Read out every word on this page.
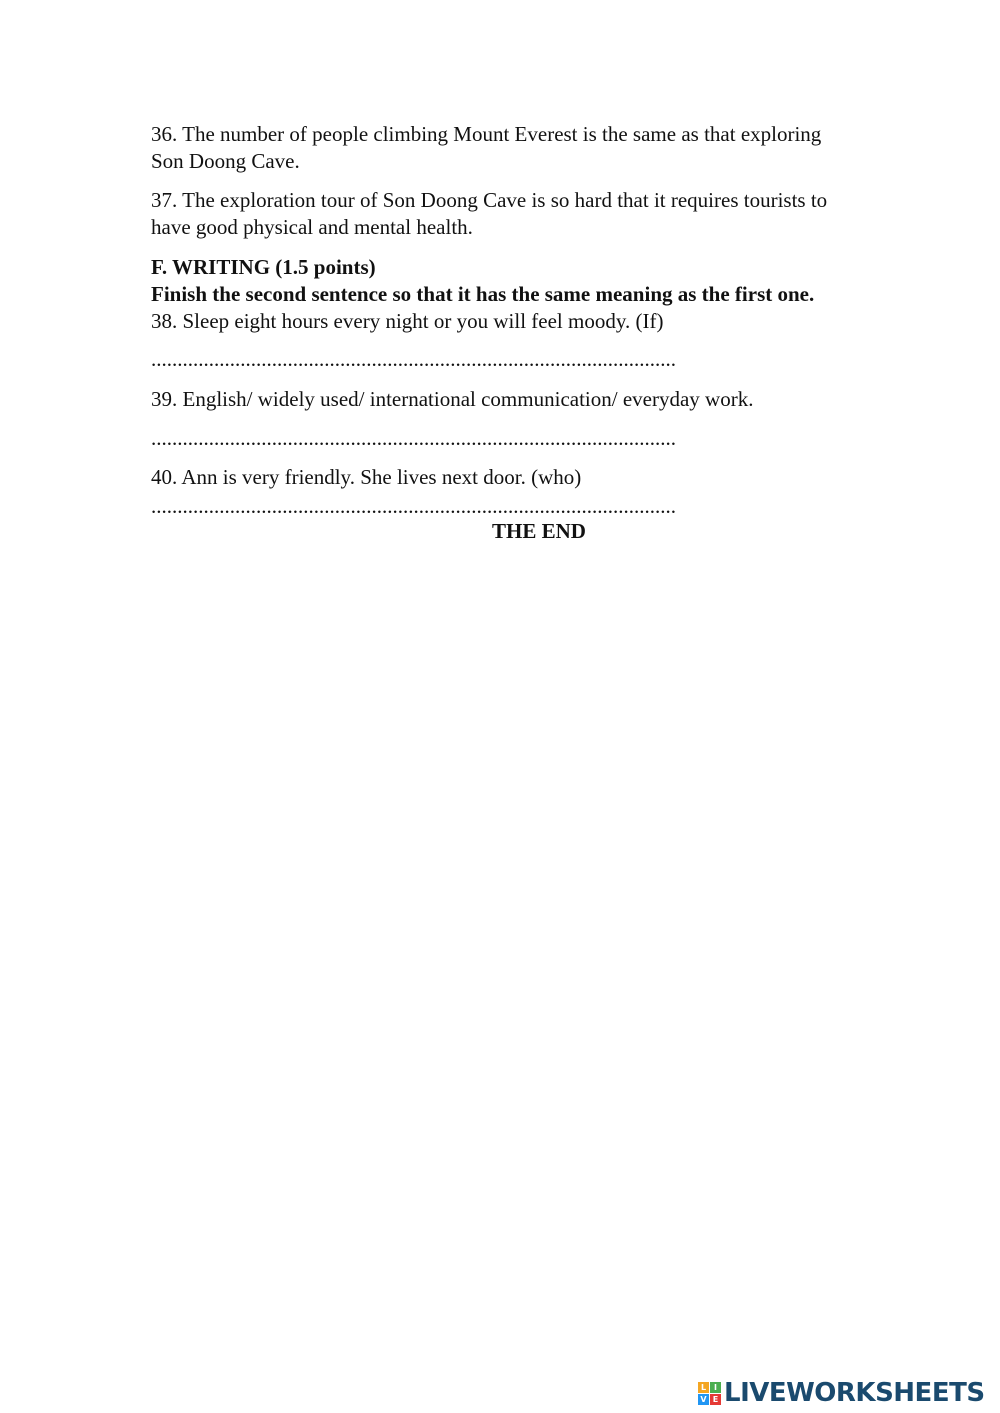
36. The number of people climbing Mount Everest is the same as that exploring
Son Doong Cave.
37. The exploration tour of Son Doong Cave is so hard that it requires tourists to
have good physical and mental health.
F. WRITING (1.5 points)
Finish the second sentence so that it has the same meaning as the first one.
38. Sleep eight hours every night or you will feel moody. (If)
....................................................................................................
39. English/ widely used/ international communication/ everyday work.
....................................................................................................
40. Ann is very friendly. She lives next door. (who)
....................................................................................................
THE END
L I
V E LIVEWORKSHEETS
